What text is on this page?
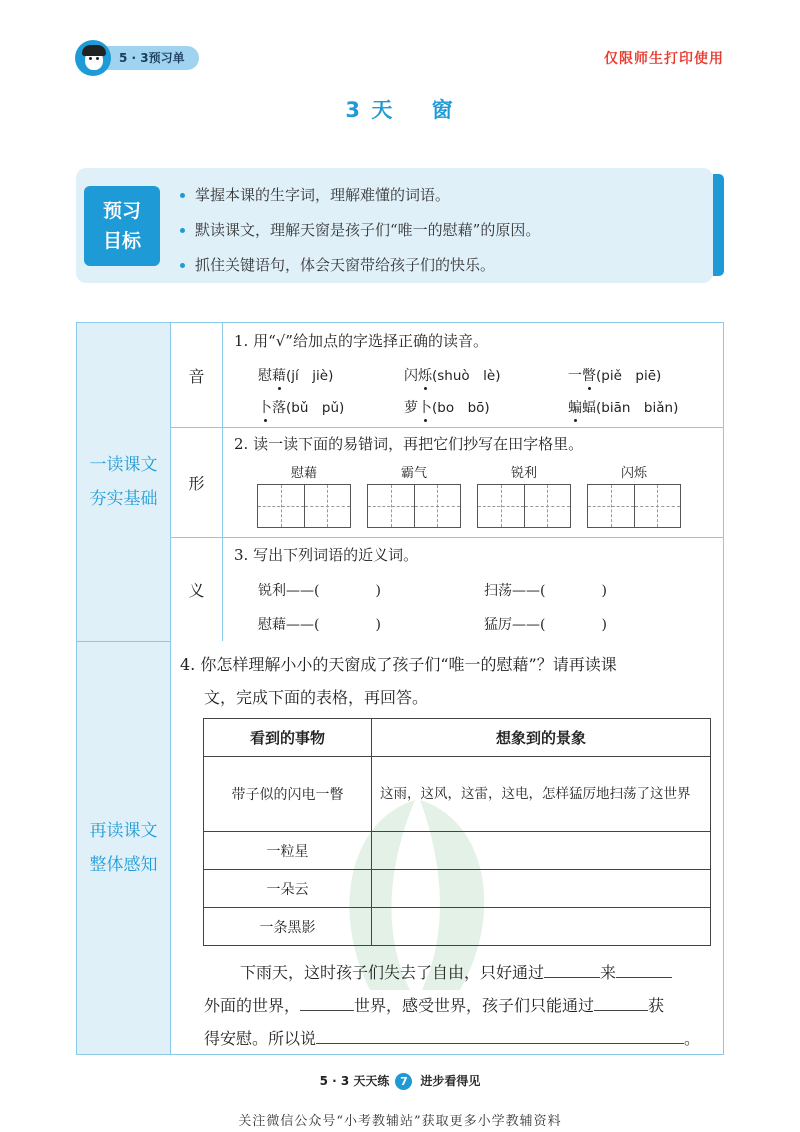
5 · 3预习单	仅限师生打印使用
3 天    窗
预习
目标
掌握本课的生字词，理解难懂的词语。
默读课文，理解天窗是孩子们“唯一的慰藉”的原因。
抓住关键语句，体会天窗带给孩子们的快乐。
一读课文
夯实基础
再读课文
整体感知
音
形
义
1. 用“√”给加点的字选择正确的读音。
慰藉(jí　jiè)	闪烁(shuò　lè)	一瞥(piě　piē)
卜落(bǔ　pǔ)	萝卜(bo　bō)	蝙蝠(biān　biǎn)
2. 读一读下面的易错词，再把它们抄写在田字格里。
慰藉	霸气	锐利	闪烁
3. 写出下列词语的近义词。
锐利——(　　　　)	扫荡——(　　　　)
慰藉——(　　　　)	猛厉——(　　　　)
4. 你怎样理解小小的天窗成了孩子们“唯一的慰藉”？请再读课
文，完成下面的表格，再回答。
看到的事物	想象到的景象
带子似的闪电一瞥	这雨，这风，这雷，这电，怎样猛厉地扫荡了这世界
一粒星	
一朵云	
一条黑影	
下雨天，这时孩子们失去了自由，只好通过	来
外面的世界，	世界，感受世界，孩子们只能通过	获
得安慰。所以说	。
5 · 3 天天练 7 进步看得见
关注微信公众号“小考教辅站”获取更多小学教辅资料
